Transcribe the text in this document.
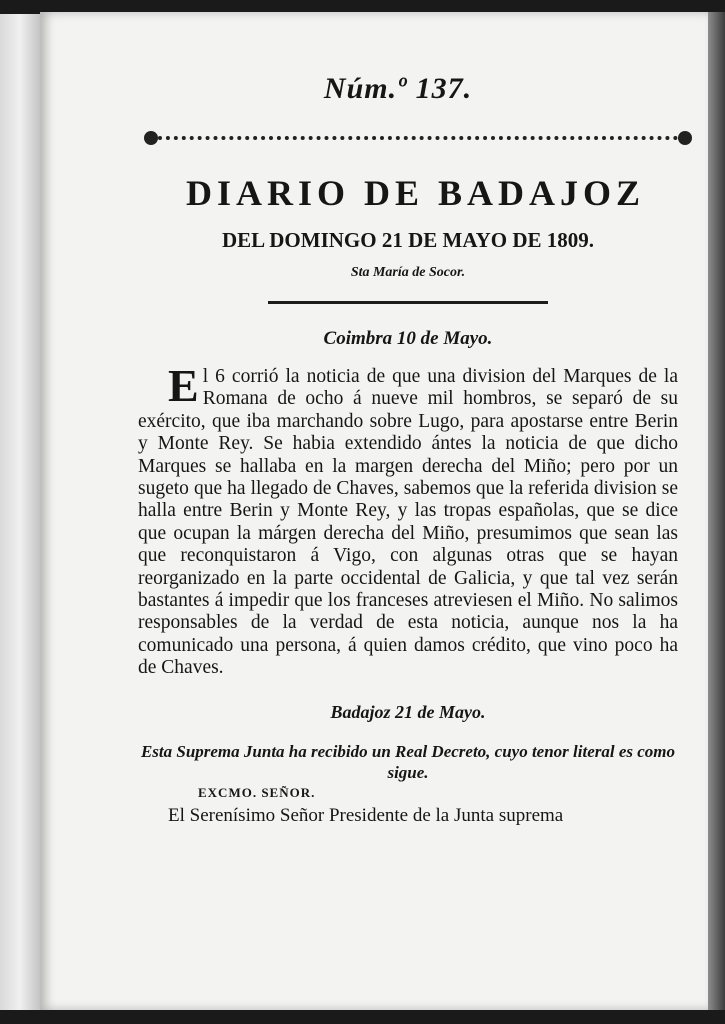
Núm.º 137.
DIARIO DE BADAJOZ
DEL DOMINGO 21 DE MAYO DE 1809.
Sta María de Socor.
Coimbra 10 de Mayo.
El 6 corrió la noticia de que una division del Marques de la Romana de ocho á nueve mil hombros, se separó de su exército, que iba marchando sobre Lugo, para apostarse entre Berin y Monte Rey. Se habia extendido ántes la noticia de que dicho Marques se hallaba en la margen derecha del Miño; pero por un sugeto que ha llegado de Chaves, sabemos que la referida division se halla entre Berin y Monte Rey, y las tropas españolas, que se dice que ocupan la márgen derecha del Miño, presumimos que sean las que reconquistaron á Vigo, con algunas otras que se hayan reorganizado en la parte occidental de Galicia, y que tal vez serán bastantes á impedir que los franceses atreviesen el Miño. No salimos responsables de la verdad de esta noticia, aunque nos la ha comunicado una persona, á quien damos crédito, que vino poco ha de Chaves.
Badajoz 21 de Mayo.
Esta Suprema Junta ha recibido un Real Decreto, cuyo tenor literal es como sigue.
EXCMO. SEÑOR.
El Serenísimo Señor Presidente de la Junta suprema
